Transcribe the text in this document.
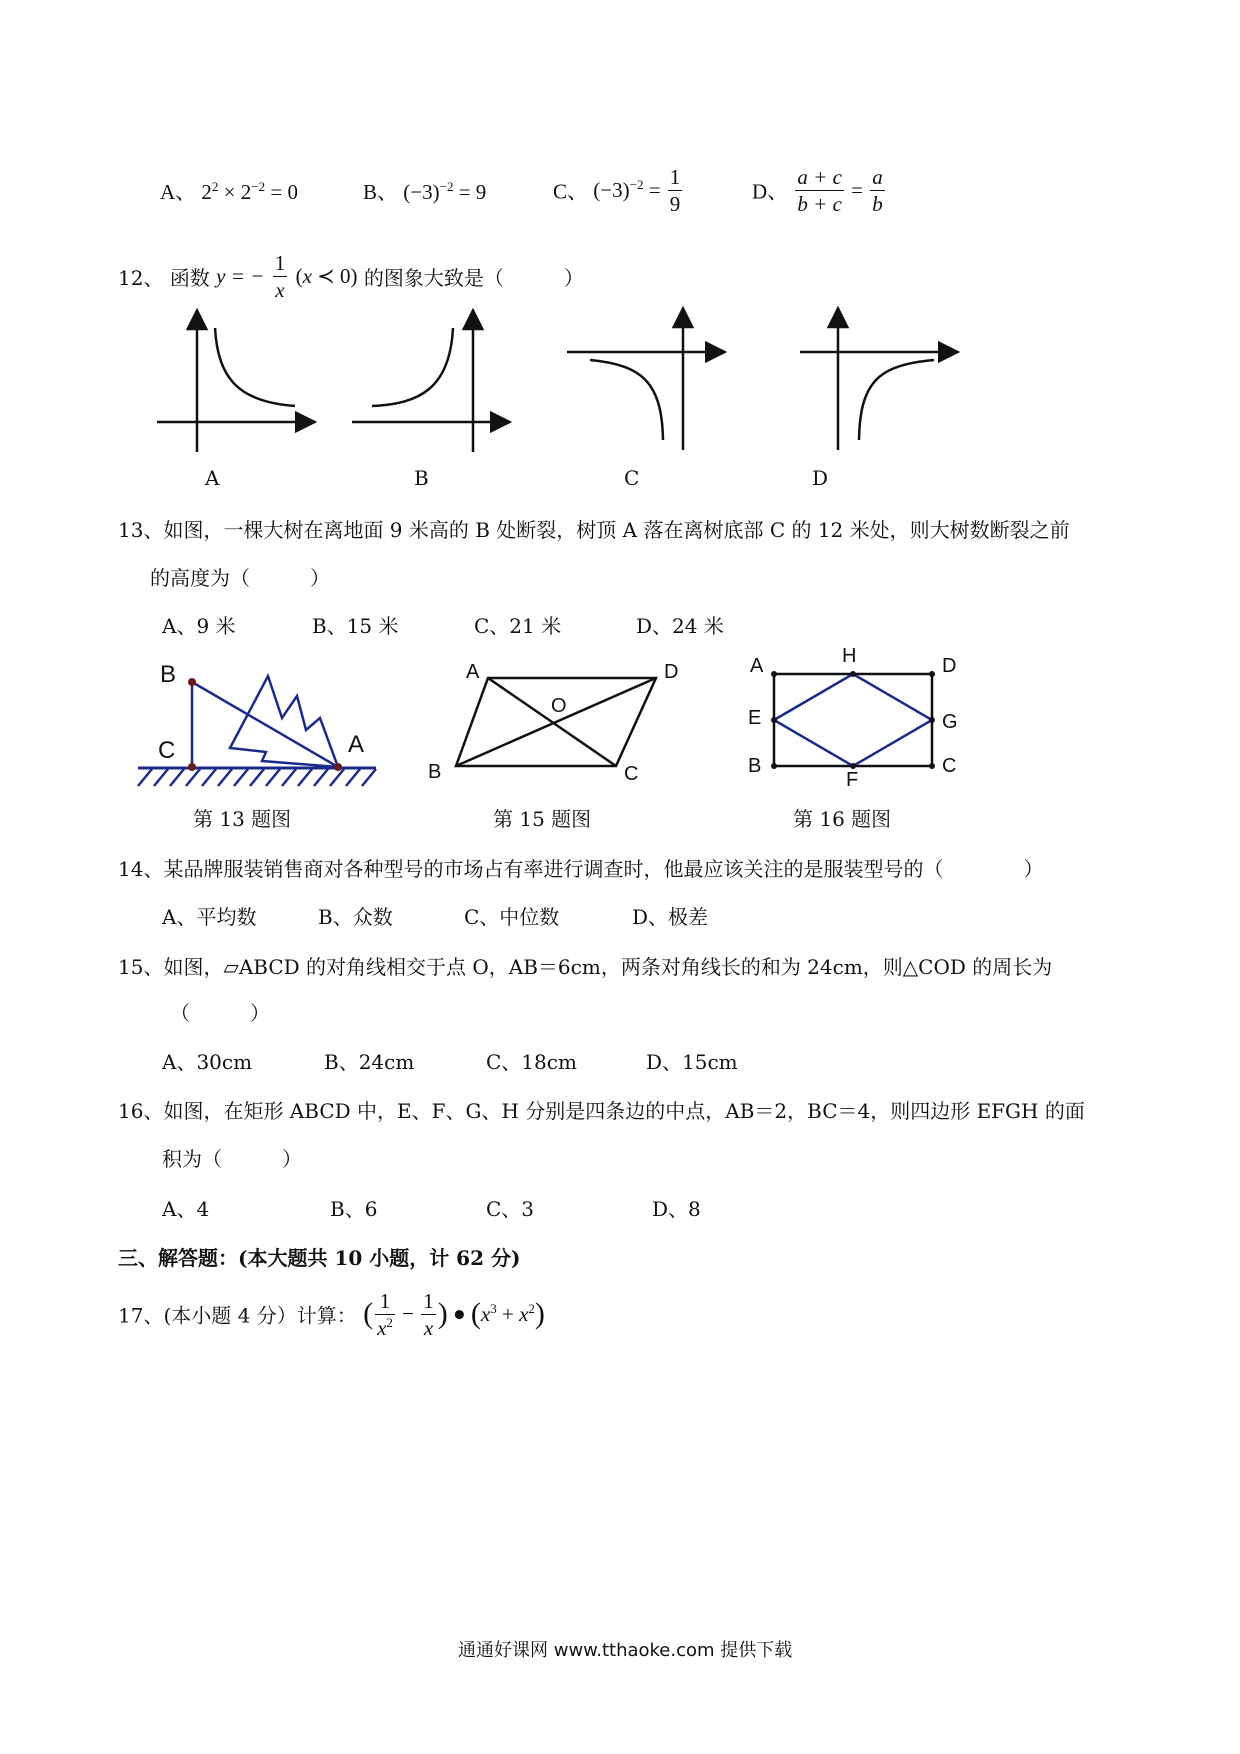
A、 $2^2 \times 2^{-2} = 0$	B、 $(-3)^{-2} = 9$	C、 $(-3)^{-2} = \frac{1}{9}$	D、 $\frac{a + c}{b + c} = \frac{a}{b}$
12、 函数 y = − $\frac{1}{x} (x$ ≺ 0) 的图象大致是（　　　）
A	B	C	D
13、如图，一棵大树在离地面 9 米高的 B 处断裂，树顶 A 落在离树底部 C 的 12 米处，则大树数断裂之前
的高度为（　　　）
A、9 米	B、15 米	C、21 米	D、24 米
B
C	A
A	D
O
B	C
A	H	D
E	G
B
F
C
第 13 题图	第 15 题图	第 16 题图
14、某品牌服装销售商对各种型号的市场占有率进行调查时，他最应该关注的是服装型号的（　　　　）
A、平均数	B、众数	C、中位数	D、极差
15、如图，▱ABCD 的对角线相交于点 O，AB＝6cm，两条对角线长的和为 24cm，则△COD 的周长为
（　　　）
A、30cm	B、24cm	C、18cm	D、15cm
16、如图，在矩形 ABCD 中，E、F、G、H 分别是四条边的中点，AB＝2，BC＝4，则四边形 EFGH 的面
积为（　　　）
A、4	B、6	C、3	D、8
三、解答题：(本大题共 10 小题，计 62 分)
17、(本小题 4 分）计算： ( $\frac{1}{x^2} - \frac{1}{x}$ ) ● $(x^3 + x^2)$
通通好课网 www.tthaoke.com 提供下载
